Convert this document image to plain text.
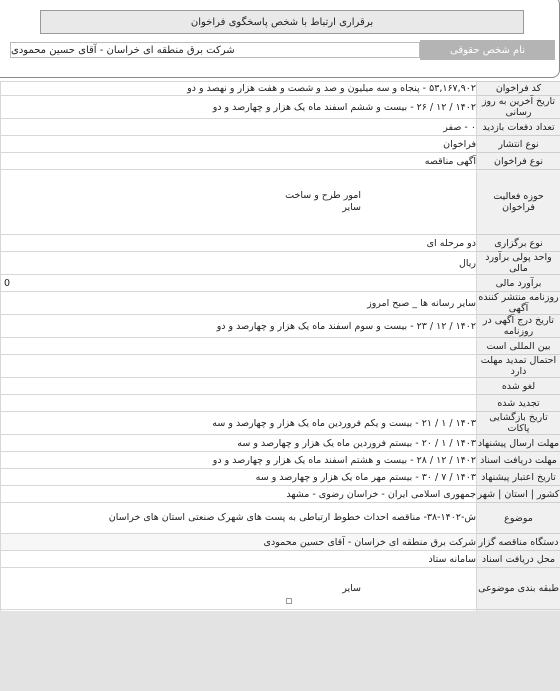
برقراری ارتباط با شخص پاسخگوی فراخوان
نام شخص حقوقی
شرکت برق منطقه ای خراسان - آقای حسین محمودی
کد فراخوان	۵۳,۱۶۷,۹۰۲ - پنجاه و سه میلیون و صد و شصت و هفت هزار و نهصد و دو
تاریخ آخرین به روز رسانی	۱۴۰۲ / ۱۲ / ۲۶ - بیست و ششم اسفند ماه یک هزار و چهارصد و دو
تعداد دفعات بازدید	۰ - صفر
نوع انتشار	فراخوان
نوع فراخوان	آگهی مناقصه
حوزه فعالیت فراخوان	امور طرح و ساخت
سایر

نوع برگزاری	دو مرحله ای
واحد پولی برآورد مالی	ریال
برآورد مالی	0
روزنامه منتشر کننده آگهی	سایر رسانه ها _ صبح امروز
تاریخ درج آگهی در روزنامه	۱۴۰۲ / ۱۲ / ۲۳ - بیست و سوم اسفند ماه یک هزار و چهارصد و دو
بین المللی است	
احتمال تمدید مهلت دارد	
لغو شده	
تجدید شده	
تاریخ بازگشایی پاکات	۱۴۰۳ / ۱ / ۲۱ - بیست و یکم فروردین ماه یک هزار و چهارصد و سه
مهلت ارسال پیشنهاد	۱۴۰۳ / ۱ / ۲۰ - بیستم فروردین ماه یک هزار و چهارصد و سه
مهلت دریافت اسناد	۱۴۰۲ / ۱۲ / ۲۸ - بیست و هشتم اسفند ماه یک هزار و چهارصد و دو
تاریخ اعتبار پیشنهاد	۱۴۰۳ / ۷ / ۳۰ - بیستم مهر ماه یک هزار و چهارصد و سه
کشور | استان | شهر	جمهوری اسلامی ایران - خراسان رضوی - مشهد
موضوع	ش-۱۴۰۲-۳۸- مناقصه احداث خطوط ارتباطی به پست های شهرک صنعتی استان های خراسان
دستگاه مناقصه گزار	شرکت برق منطقه ای خراسان - آقای حسین محمودی
محل دریافت اسناد	سامانه ستاد
طبقه بندی موضوعی	سایر
